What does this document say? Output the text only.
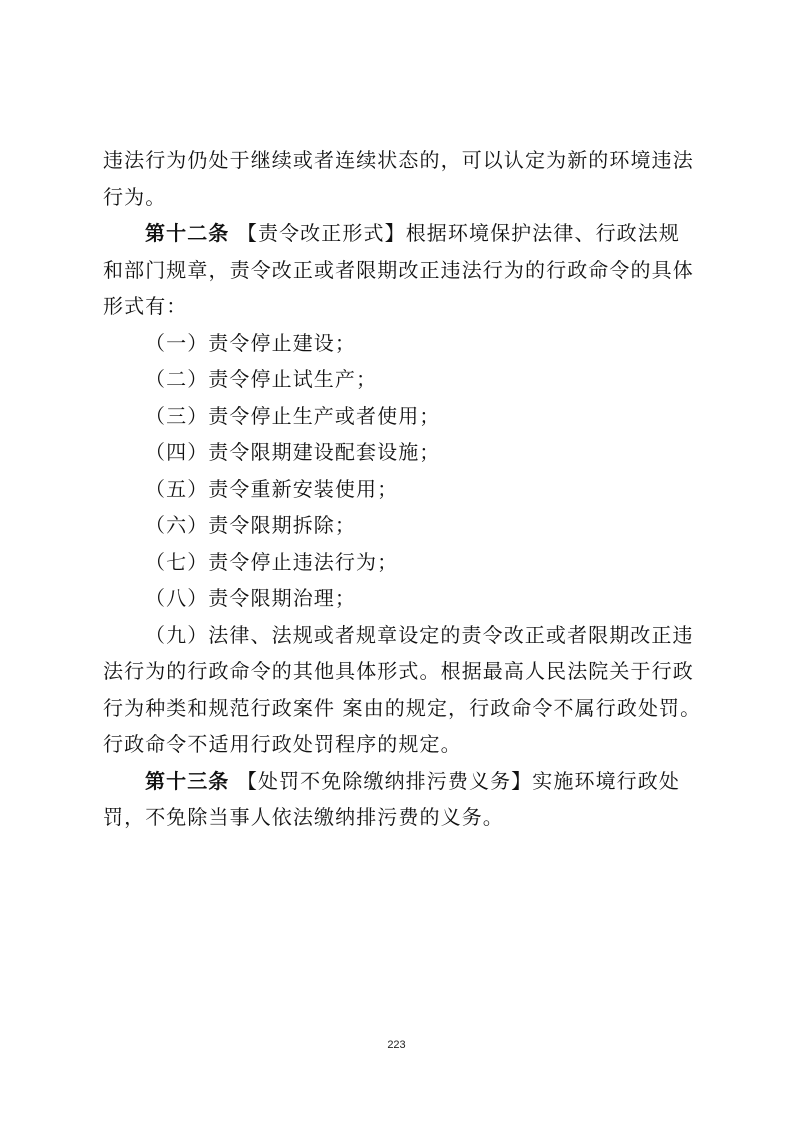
违法行为仍处于继续或者连续状态的，可以认定为新的环境违法
行为。
第十二条 【责令改正形式】根据环境保护法律、行政法规
和部门规章，责令改正或者限期改正违法行为的行政命令的具体
形式有：
（一）责令停止建设；
（二）责令停止试生产；
（三）责令停止生产或者使用；
（四）责令限期建设配套设施；
（五）责令重新安装使用；
（六）责令限期拆除；
（七）责令停止违法行为；
（八）责令限期治理；
（九）法律、法规或者规章设定的责令改正或者限期改正违
法行为的行政命令的其他具体形式。根据最高人民法院关于行政
行为种类和规范行政案件 案由的规定，行政命令不属行政处罚。
行政命令不适用行政处罚程序的规定。
第十三条 【处罚不免除缴纳排污费义务】实施环境行政处
罚，不免除当事人依法缴纳排污费的义务。
223
